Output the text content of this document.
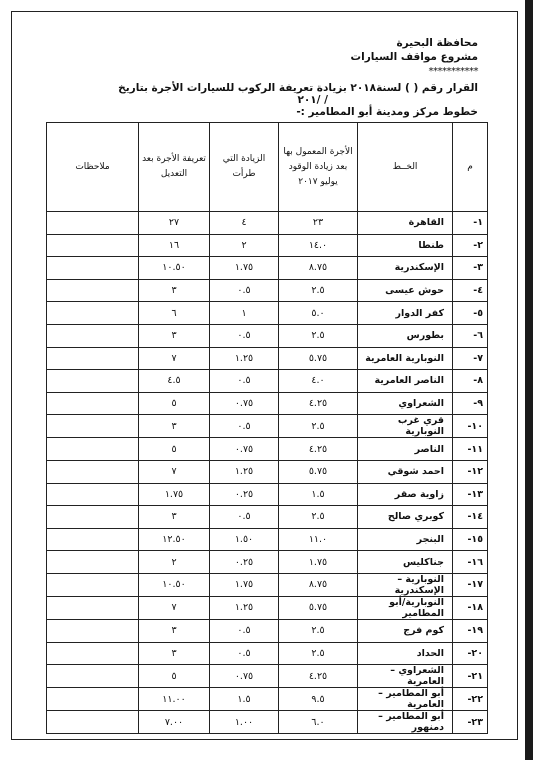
محافظة البحيرة
مشروع مواقف السيارات
***********
القرار رقم ( ) لسنة٢٠١٨ بزيادة تعريفة الركوب للسيارات الأجرة بتاريخ
/ /٢٠١
خطوط مركز ومدينة أبو المطامير :-
م	الخــط	الأجرة المعمول بها بعد زيادة الوقود يوليو ٢٠١٧	الزيادة التي طرأت	تعريفة الأجرة بعد التعديل	ملاحظات
١-	القاهرة	٢٣	٤	٢٧	
٢-	طنطا	١٤.٠	٢	١٦	
٣-	الإسكندرية	٨.٧٥	١.٧٥	١٠.٥٠	
٤-	حوش عيسى	٢.٥	٠.٥	٣	
٥-	كفر الدوار	٥.٠	١	٦	
٦-	بطورس	٢.٥	٠.٥	٣	
٧-	النوبارية العامرية	٥.٧٥	١.٢٥	٧	
٨-	الناصر العامرية	٤.٠	٠.٥	٤.٥	
٩-	الشعراوي	٤.٢٥	٠.٧٥	٥	
١٠-	قري غرب النوبارية	٢.٥	٠.٥	٣	
١١-	الناصر	٤.٢٥	٠.٧٥	٥	
١٢-	احمد شوقي	٥.٧٥	١.٢٥	٧	
١٣-	زاوية صقر	١.٥	٠.٢٥	١.٧٥	
١٤-	كوبري صالح	٢.٥	٠.٥	٣	
١٥-	البنجر	١١.٠	١.٥٠	١٢.٥٠	
١٦-	جناكليس	١.٧٥	٠.٢٥	٢	
١٧-	النوبارية – الإسكندرية	٨.٧٥	١.٧٥	١٠.٥٠	
١٨-	النوبارية/أبو المطامير	٥.٧٥	١.٢٥	٧	
١٩-	كوم فرج	٢.٥	٠.٥	٣	
٢٠-	الحداد	٢.٥	٠.٥	٣	
٢١-	الشعراوي – العامرية	٤.٢٥	٠.٧٥	٥	
٢٢-	أبو المطامير – العامرية	٩.٥	١.٥	١١.٠٠	
٢٣-	أبو المطامير – دمنهور	٦.٠	١.٠٠	٧.٠٠	
